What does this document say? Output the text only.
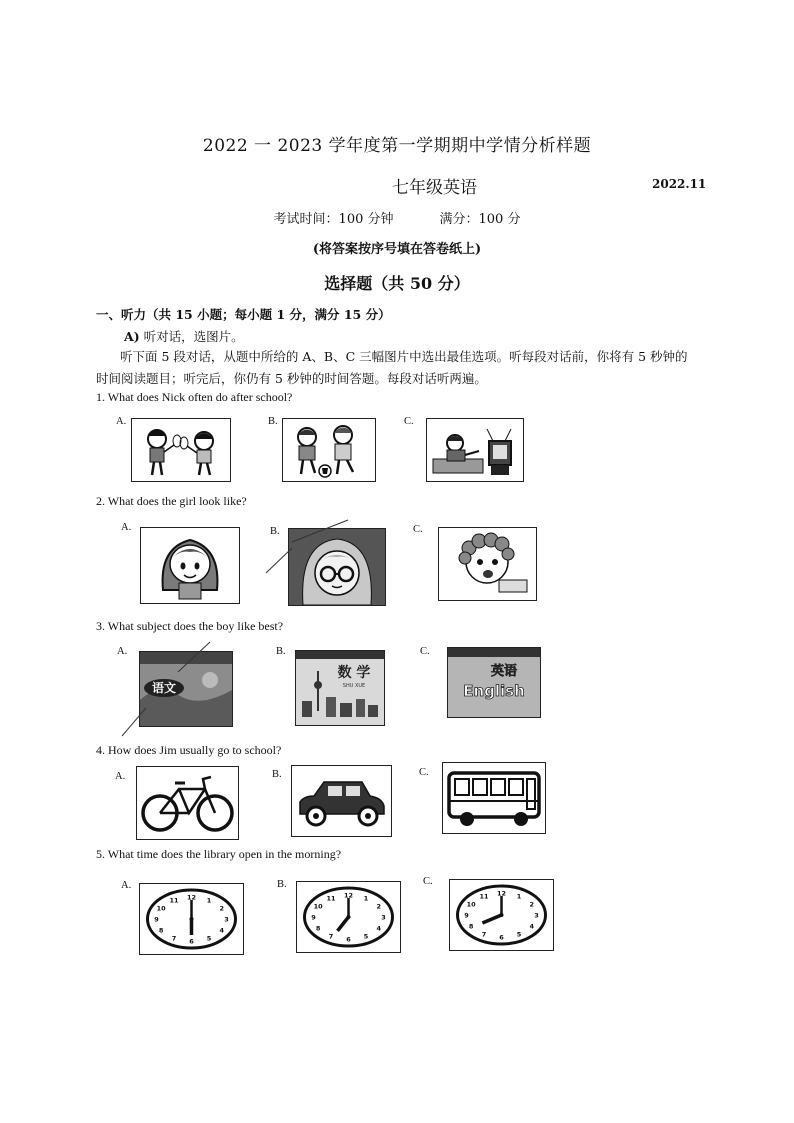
2022 一 2023 学年度第一学期期中学情分析样题
七年级英语	2022.11
考试时间：100 分钟	满分：100 分
(将答案按序号填在答卷纸上)
选择题（共 50 分）
一、听力（共 15 小题；每小题 1 分，满分 15 分）
A) 听对话，选图片。
听下面 5 段对话，从题中所给的 A、B、C 三幅图片中选出最佳选项。听每段对话前，你将有 5 秒钟的时间阅读题目；听完后，你仍有 5 秒钟的时间答题。每段对话听两遍。
1. What does Nick often do after school?
A.	B.	C.
2. What does the girl look like?
A.	B.	C.
3. What subject does the boy like best?
A.	B.	C.
语文
数 学
SHU XUE
英语
English
4. How does Jim usually go to school?
A.	B.	C.
5. What time does the library open in the morning?
A.	B.	C.
1
2
3
4
5
6
7
8
9
10
11 12	1
2
3
4
5
6
7
8
9
10
11 12	1
2
3
4
5
6
7
8
9
10
11 12
